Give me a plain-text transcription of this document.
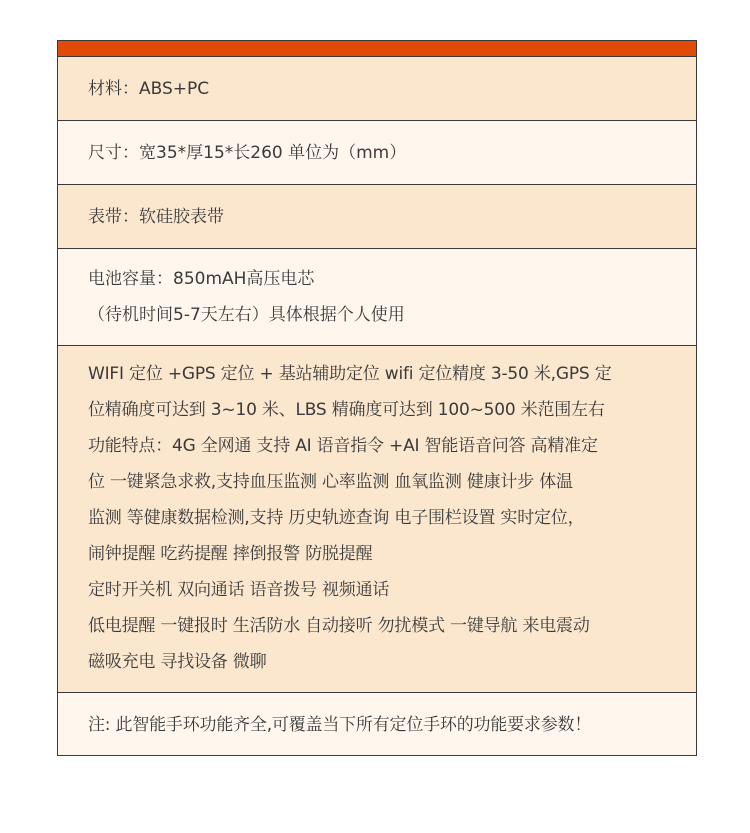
材料：ABS+PC
尺寸：宽35*厚15*长260 单位为（mm）
表带：软硅胶表带
电池容量：850mAH高压电芯
（待机时间5-7天左右）具体根据个人使用
WIFI 定位 +GPS 定位 + 基站辅助定位 wifi 定位精度 3-50 米,GPS 定
位精确度可达到 3~10 米、LBS 精确度可达到 100~500 米范围左右
功能特点：4G 全网通 支持 AI 语音指令 +AI 智能语音问答 高精准定
位 一键紧急求救,支持血压监测 心率监测 血氧监测 健康计步 体温
监测 等健康数据检测,支持 历史轨迹查询 电子围栏设置 实时定位，
闹钟提醒 吃药提醒 摔倒报警 防脱提醒
定时开关机 双向通话 语音拨号 视频通话
低电提醒 一键报时 生活防水 自动接听 勿扰模式 一键导航 来电震动
磁吸充电 寻找设备 微聊
注: 此智能手环功能齐全,可覆盖当下所有定位手环的功能要求参数！
